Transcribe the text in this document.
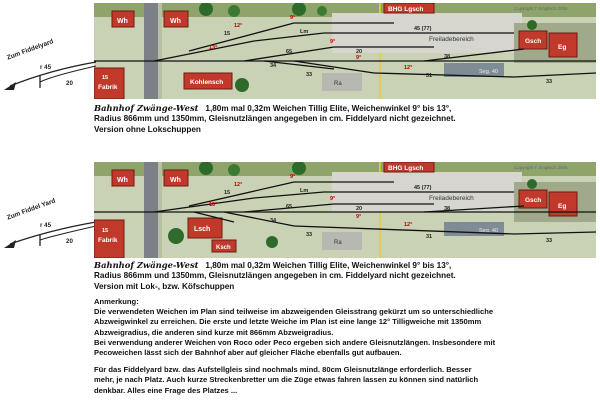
Wh	Wh
BHG Lgsch
15
Fabrik
Kohlensch
Gsch
Eg
Freiladebereich
Ra
Seg. 40
Copyright T. Englisch 2006
45 (77)
15
12°
12°
9°
9°
9°
13°
65
Lm
20
34
38
31
33
33
Zum Fiddelyard
r 45
20
Bahnhof Zwänge-West 1,80m mal 0,32m Weichen Tillig Elite, Weichenwinkel 9° bis 13°,
Radius 866mm und 1350mm, Gleisnutzlängen angegeben in cm. Fiddelyard nicht gezeichnet.
Version ohne Lokschuppen
Wh	Wh
BHG Lgsch
15
Fabrik
Lsch
Ksch
Gsch
Eg
Freiladebereich
Ra
Seg. 40
Copyright T. Englisch 2006
45 (77)
15
12°
12°
9°
9°
9°
13°	65
Lm
20
34
38
31
33
33
Zum Fiddel Yard
r 45
20
Bahnhof Zwänge-West 1,80m mal 0,32m Weichen Tillig Elite, Weichenwinkel 9° bis 13°,
Radius 866mm und 1350mm, Gleisnutzlängen angegeben in cm. Fiddelyard nicht gezeichnet.
Version mit Lok-, bzw. Köfschuppen
Anmerkung:
Die verwendeten Weichen im Plan sind teilweise im abzweigenden Gleisstrang gekürzt um so unterschiedliche
Abzweigwinkel zu erreichen. Die erste und letzte Weiche im Plan ist eine lange 12° Tilligweiche mit 1350mm
Abzweigradius, die anderen sind kurze mit 866mm Abzweigradius.
Bei verwendung anderer Weichen von Roco oder Peco ergeben sich andere Gleisnutzlängen. Insbesondere mit
Pecoweichen lässt sich der Bahnhof aber auf gleicher Fläche ebenfalls gut aufbauen.
Für das Fiddelyard bzw. das Aufstellgleis sind nochmals mind. 80cm Gleisnutzlänge erforderlich. Besser
mehr, je nach Platz. Auch kurze Streckenbretter um die Züge etwas fahren lassen zu können sind natürlich
denkbar. Alles eine Frage des Platzes ...
